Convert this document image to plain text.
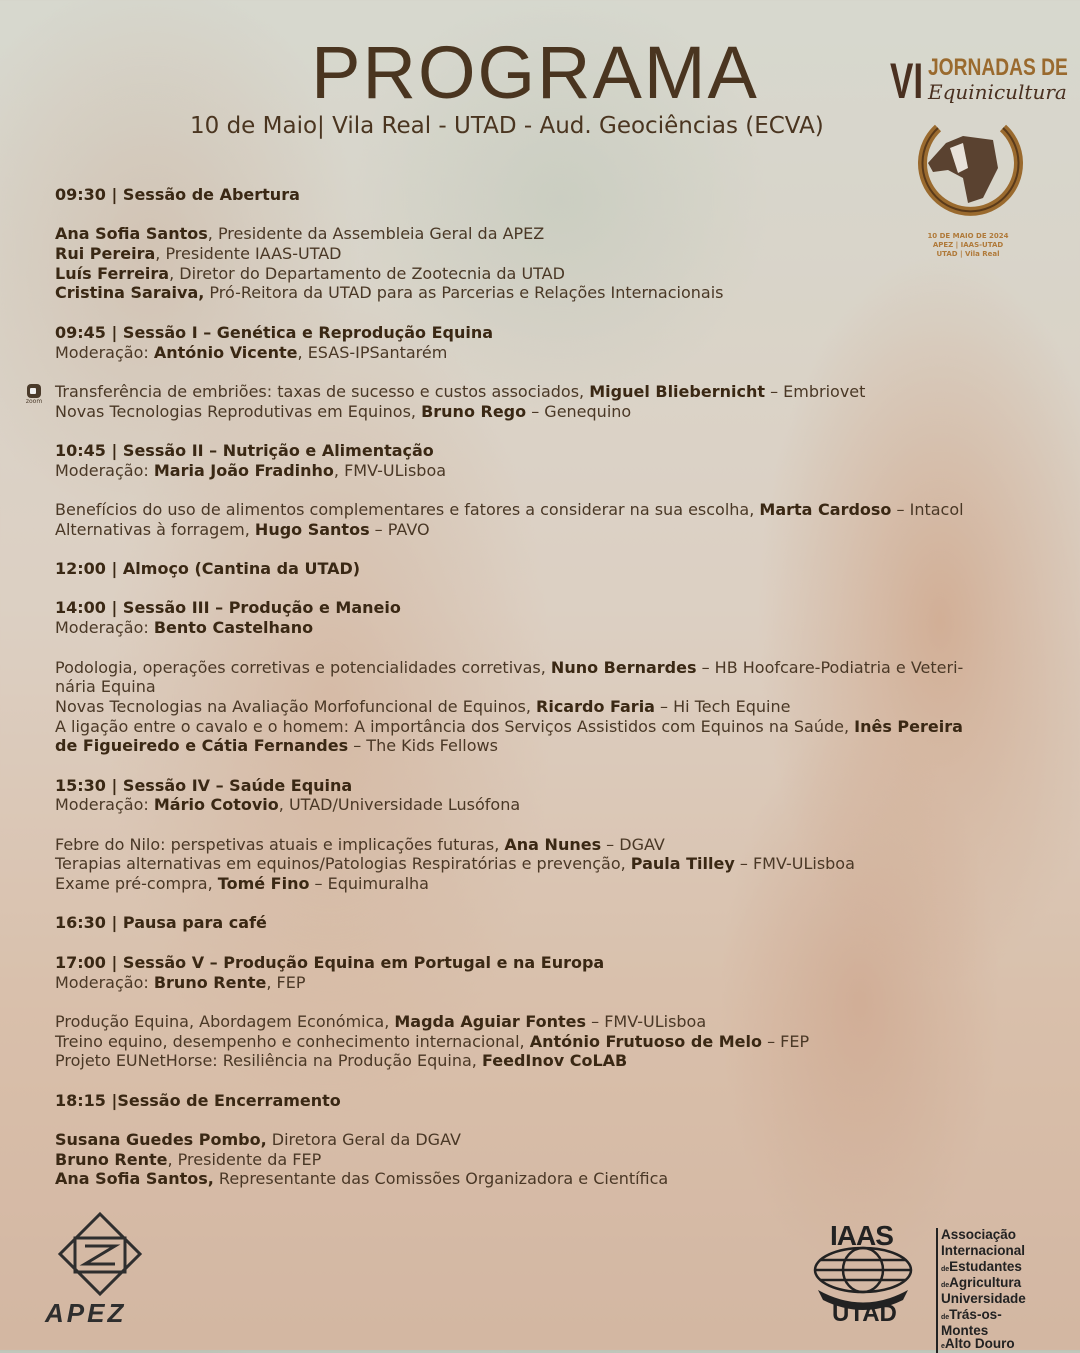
PROGRAMA
10 de Maio| Vila Real - UTAD - Aud. Geociências (ECVA)
VI JORNADAS DE
Equinicultura
10 DE MAIO DE 2024
APEZ | IAAS-UTAD
UTAD | Vila Real
09:30 | Sessão de Abertura
Ana Sofia Santos, Presidente da Assembleia Geral da APEZ
Rui Pereira, Presidente IAAS-UTAD
Luís Ferreira, Diretor do Departamento de Zootecnia da UTAD
Cristina Saraiva, Pró-Reitora da UTAD para as Parcerias e Relações Internacionais
09:45 | Sessão I – Genética e Reprodução Equina
Moderação: António Vicente, ESAS-IPSantarém
zoom
Transferência de embriões: taxas de sucesso e custos associados, Miguel Bliebernicht – Embriovet
Novas Tecnologias Reprodutivas em Equinos, Bruno Rego – Genequino
10:45 | Sessão II – Nutrição e Alimentação
Moderação: Maria João Fradinho, FMV-ULisboa
Benefícios do uso de alimentos complementares e fatores a considerar na sua escolha, Marta Cardoso – Intacol
Alternativas à forragem, Hugo Santos – PAVO
12:00 | Almoço (Cantina da UTAD)
14:00 | Sessão III – Produção e Maneio
Moderação: Bento Castelhano
Podologia, operações corretivas e potencialidades corretivas, Nuno Bernardes – HB Hoofcare-Podiatria e Veteri-
nária Equina
Novas Tecnologias na Avaliação Morfofuncional de Equinos, Ricardo Faria – Hi Tech Equine
A ligação entre o cavalo e o homem: A importância dos Serviços Assistidos com Equinos na Saúde, Inês Pereira
de Figueiredo e Cátia Fernandes – The Kids Fellows
15:30 | Sessão IV – Saúde Equina
Moderação: Mário Cotovio, UTAD/Universidade Lusófona
Febre do Nilo: perspetivas atuais e implicações futuras, Ana Nunes – DGAV
Terapias alternativas em equinos/Patologias Respiratórias e prevenção, Paula Tilley – FMV-ULisboa
Exame pré-compra, Tomé Fino – Equimuralha
16:30 | Pausa para café
17:00 | Sessão V – Produção Equina em Portugal e na Europa
Moderação: Bruno Rente, FEP
Produção Equina, Abordagem Económica, Magda Aguiar Fontes – FMV-ULisboa
Treino equino, desempenho e conhecimento internacional, António Frutuoso de Melo – FEP
Projeto EUNetHorse: Resiliência na Produção Equina, FeedInov CoLAB
18:15 |Sessão de Encerramento
Susana Guedes Pombo, Diretora Geral da DGAV
Bruno Rente, Presidente da FEP
Ana Sofia Santos, Representante das Comissões Organizadora e Científica
APEZ
IAAS
UTAD
Associação
Internacional
deEstudantes
deAgricultura
Universidade
deTrás-os-Montes
eAlto Douro
